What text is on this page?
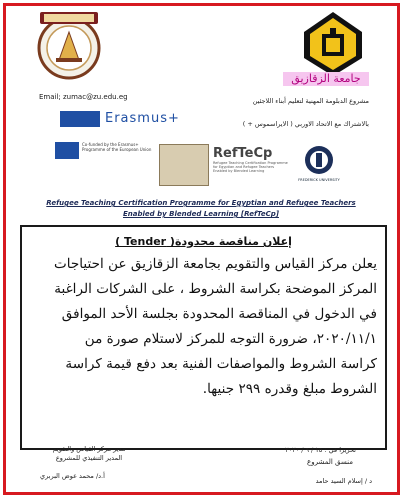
جامعة الزقازيق
Email; zumac@zu.edu.eg	مشروع الدبلومة المهنية لتعليم أبناء اللاجئين
بالاشتراك مع الاتحاد الاوربي ( الايراسموس + )
Erasmus+
Co-funded by the Erasmus+ Programme of the European Union	RefTeCp
Refugee Teaching Certification Programme for Egyptian and Refugee Teachers Enabled by Blended Learning
FREDERICK UNIVERSITY
Refugee Teaching Certification Programme for Egyptian and Refugee Teachers Enabled by Blended Learning [RefTeCp]
إعلان مناقصة محدودة( Tender )

يعلن مركز القياس والتقويم بجامعة الزقازيق عن احتياجات

المركز الموضحة بكراسة الشروط ، على الشركات الراغبة

في الدخول في المناقصة المحدودة بجلسة الأحد الموافق

٢٠٢٠/١١/١، ضرورة التوجه للمركز لاستلام صورة من

كراسة الشروط والمواصفات الفنية بعد دفع قيمة كراسة

الشروط مبلغ وقدره ٢٩٩ جنيها.

تحريرا في : ١٥ / ٩ / ٢٠٢٠
منسق المشروع
د / إسلام السيد حامد
مدير مركز القياس والتقويم
المدير التنفيذي للمشروع
أ.د/ محمد عوض البربري
